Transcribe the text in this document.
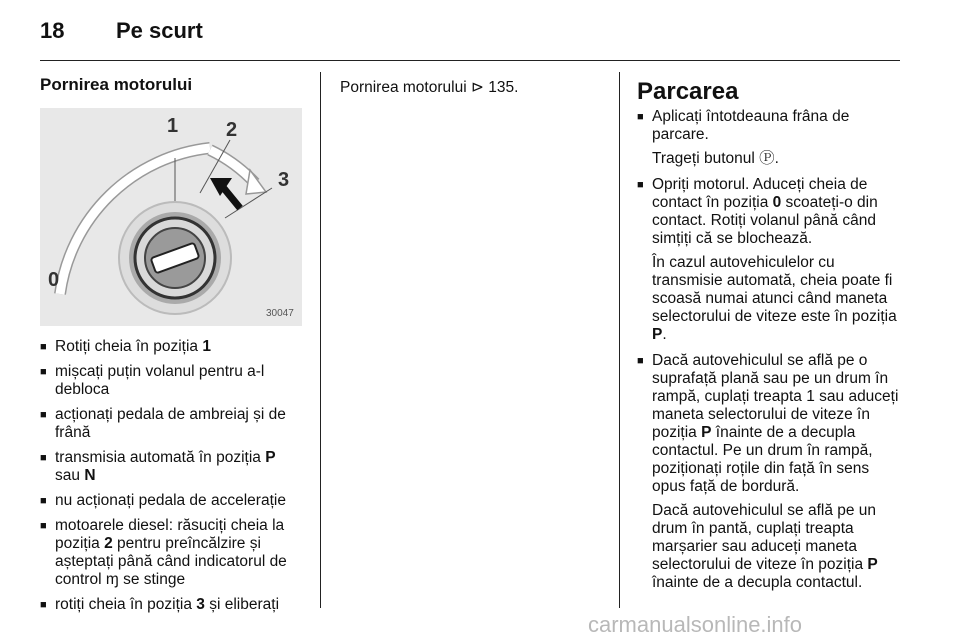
18	Pe scurt
Pornirea motorului
1 2
3
0
30047
■ Rotiți cheia în poziția 1
■ mișcați puțin volanul pentru a-l debloca
■ acționați pedala de ambreiaj și de frână
■ transmisia automată în poziția P sau N
■ nu acționați pedala de accelerație
■ motoarele diesel: răsuciți cheia la poziția 2 pentru preîncălzire și așteptați până când indicatorul de control ɱ se stinge
■ rotiți cheia în poziția 3 și eliberați
Pornirea motorului ⊳ 135.	Parcarea
■ Aplicați întotdeauna frâna de parcare.
Trageți butonul Ⓟ.
■ Opriți motorul. Aduceți cheia de contact în poziția 0 scoateți-o din contact. Rotiți volanul până când simțiți că se blochează.
În cazul autovehiculelor cu transmisie automată, cheia poate fi scoasă numai atunci când maneta selectorului de viteze este în poziția P.
■ Dacă autovehiculul se află pe o suprafață plană sau pe un drum în rampă, cuplați treapta 1 sau aduceți maneta selectorului de viteze în poziția P înainte de a decupla contactul. Pe un drum în rampă, poziționați roțile din față în sens opus față de bordură.
Dacă autovehiculul se află pe un drum în pantă, cuplați treapta marșarier sau aduceți maneta selectorului de viteze în poziția P înainte de a decupla contactul.
carmanualsonline.info
